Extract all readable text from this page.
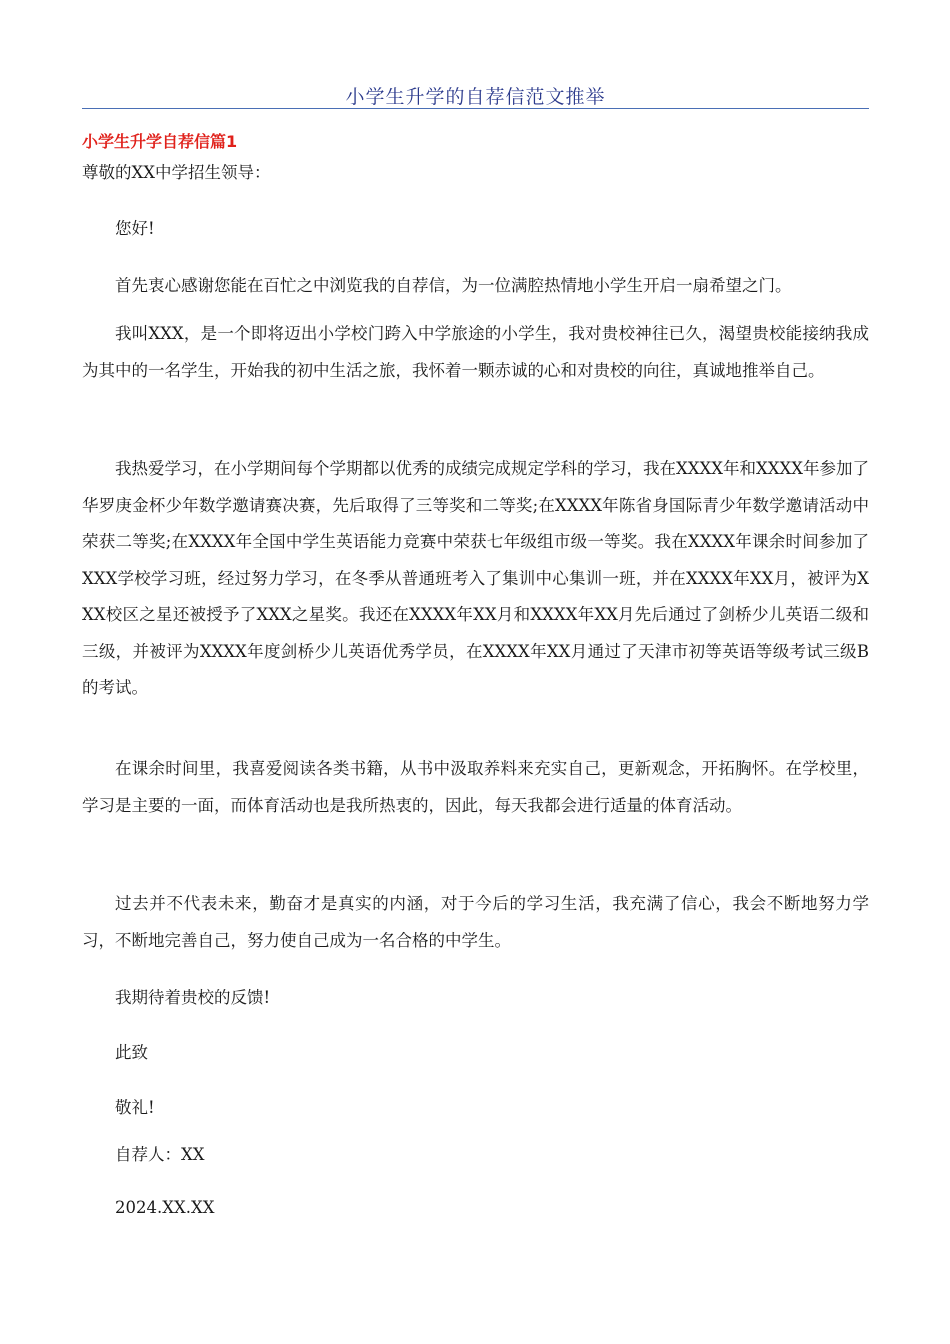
小学生升学的自荐信范文推举
小学生升学自荐信篇1
尊敬的XX中学招生领导：
您好!
首先衷心感谢您能在百忙之中浏览我的自荐信，为一位满腔热情地小学生开启一扇希望之门。
我叫XXX，是一个即将迈出小学校门跨入中学旅途的小学生，我对贵校神往已久，渴望贵校能接纳我成为其中的一名学生，开始我的初中生活之旅，我怀着一颗赤诚的心和对贵校的向往，真诚地推举自己。
我热爱学习，在小学期间每个学期都以优秀的成绩完成规定学科的学习，我在XXXX年和XXXX年参加了华罗庚金杯少年数学邀请赛决赛，先后取得了三等奖和二等奖;在XXXX年陈省身国际青少年数学邀请活动中荣获二等奖;在XXXX年全国中学生英语能力竞赛中荣获七年级组市级一等奖。我在XXXX年课余时间参加了XXX学校学习班，经过努力学习，在冬季从普通班考入了集训中心集训一班，并在XXXX年XX月，被评为XXX校区之星还被授予了XXX之星奖。我还在XXXX年XX月和XXXX年XX月先后通过了剑桥少儿英语二级和三级，并被评为XXXX年度剑桥少儿英语优秀学员，在XXXX年XX月通过了天津市初等英语等级考试三级B的考试。
在课余时间里，我喜爱阅读各类书籍，从书中汲取养料来充实自己，更新观念，开拓胸怀。在学校里，学习是主要的一面，而体育活动也是我所热衷的，因此，每天我都会进行适量的体育活动。
过去并不代表未来，勤奋才是真实的内涵，对于今后的学习生活，我充满了信心，我会不断地努力学习，不断地完善自己，努力使自己成为一名合格的中学生。
我期待着贵校的反馈!
此致
敬礼!
自荐人：XX
2024.XX.XX
